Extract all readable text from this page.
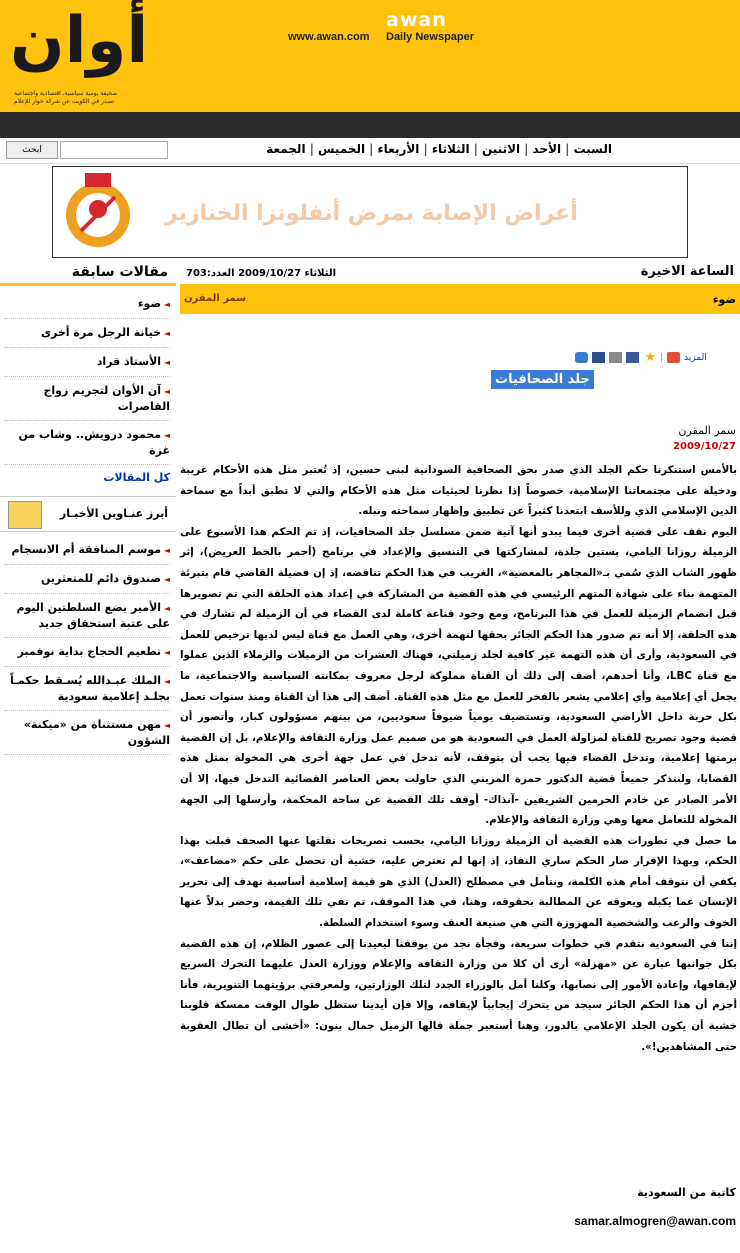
أوان
صحيفة يومية سياسية، اقتصادية واجتماعية
تصدر في الكويت عن شركة حوار للإعلام
awan
Daily Newspaper
www.awan.com
ابحث	السبت
|
الأحد
|
الاثنين
|
الثلاثاء
|
الأربعاء
|
الخميس
|
الجمعة
أعراض الإصابة بمرض أنفلونزا الخنازير
مقالات سابقة
◄ ضوء
◄ خيانة الرجل مرة أخرى
◄ الأستاذ قراد
◄ آن الأوان لتجريم زواج القاصرات
◄ محمود درويش.. وشاب من غزة
كل المقالات
أبرز عنـاوين الأخبـار
◄ موسم المنافقة أم الانسجام
◄ صندوق دائم للمتعثرين
◄ الأمير يضع السلطتين اليوم على عتبة استحقاق جديد
◄ تطعيم الحجاج بداية نوفمبر
◄ الملك عبـدالله يُسـقط حكمـاً بجلـد إعلامية سعودية
◄ مهن مستثناة من «ميكنة» الشؤون
الساعة الاخيرة
الثلاثاء 2009/10/27 العدد:703
ضوء
سمر المقرن
المزيد
|
★
جلد الصحافيات
سمر المقرن
2009/10/27

بالأمس استنكرنا حكم الجلد الذي صدر بحق الصحافية السودانية لبنى حسين، إذ تُعتبر مثل هذه الأحكام غريبة ودخيلة على مجتمعاتنا الإسلامية، خصوصاً إذا نظرنا لحيثيات مثل هذه الأحكام والتي لا تطبق أبداً مع سماحة الدين الإسلامي الذي وللأسف ابتعدنا كثيراً عن تطبيق وإظهار سماحته ونبله.

اليوم نقف على قضية أخرى فيما يبدو أنها آتية ضمن مسلسل جلد الصحافيات، إذ تم الحكم هذا الأسبوع على الزميلة روزانا اليامي، بستين جلدة، لمشاركتها في التنسيق والإعداد في برنامج (أحمر بالخط العريض)، إثر ظهور الشاب الذي سُمي بـ«المجاهر بالمعصية»، الغريب في هذا الحكم تناقضه، إذ إن فضيلة القاضي قام بتبرئة المتهمة بناء على شهادة المتهم الرئيسي في هذه القضية من المشاركة في إعداد هذه الحلقة التي تم تصويرها قبل انضمام الزميلة للعمل في هذا البرنامج، ومع وجود قناعة كاملة لدى القضاء في أن الزميلة لم تشارك في هذه الحلقة، إلا أنه تم صدور هذا الحكم الجائر بحقها لتهمة أخرى، وهي العمل مع قناة ليس لديها ترخيص للعمل في السعودية، وأرى أن هذه التهمة غير كافية لجلد زميلتي، فهناك العشرات من الزميلات والزملاء الذين عملوا مع قناة LBC، وأنا أحدهم، أضف إلى ذلك أن القناة مملوكة لرجل معروف بمكانته السياسية والاجتماعية، ما يجعل أي إعلامية وأي إعلامي يشعر بالفخر للعمل مع مثل هذه القناة. أضف إلى هذا أن القناة ومنذ سنوات تعمل بكل حرية داخل الأراضي السعودية، وتستضيف يومياً ضيوفاً سعوديين، من بينهم مسؤولون كبار، وأتصور أن قضية وجود تصريح للقناة لمزاولة العمل في السعودية هو من صميم عمل وزارة الثقافة والإعلام، بل إن القضية برمتها إعلامية، وتدخل القضاء فيها يجب أن يتوقف، لأنه تدخل في عمل جهة أخرى هي المخولة بمثل هذه القضايا، ولنتذكر جميعاً قضية الدكتور حمزة المزيني الذي حاولت بعض العناصر القضائية التدخل فيها، إلا أن الأمر الصادر عن خادم الحرمين الشريفين -آنذاك- أوقف تلك القضية عن ساحة المحكمة، وأرسلها إلى الجهة المخولة للتعامل معها وهي وزارة الثقافة والإعلام.

ما حصل في تطورات هذه القضية أن الزميلة روزانا اليامي، بحسب تصريحات نقلتها عنها الصحف قبلت بهذا الحكم، وبهذا الإقرار صار الحكم ساري النفاذ، إذ إنها لم تعترض عليه، خشية أن تحصل على حكم «مضاعف»، يكفي أن نتوقف أمام هذه الكلمة، ونتأمل في مصطلح (العدل) الذي هو قيمة إسلامية أساسية تهدف إلى تحرير الإنسان عما يكبله ويعوقه عن المطالبة بحقوقه، وهنا، في هذا الموقف، تم نفي تلك القيمة، وحضر بدلاً عنها الخوف والرعب والشخصية المهزوزة التي هي صنيعة العنف وسوء استخدام السلطة.

إننا في السعودية نتقدم في خطوات سريعة، وفجأة نجد من يوقفنا ليعيدنا إلى عصور الظلام، إن هذه القضية بكل جوانبها عبارة عن «مهزلة» أرى أن كلا من وزارة الثقافة والإعلام ووزارة العدل عليهما التحرك السريع لإيقافها، وإعادة الأمور إلى نصابها، وكلنا أمل بالوزراء الجدد لتلك الوزارتين، ولمعرفتي برؤيتهما التنويرية، فأنا أجزم أن هذا الحكم الجائر سيجد من يتحرك إيجابياً لإيقافه، وإلا فإن أيدينا ستظل طوال الوقت ممسكة قلوبنا خشية أن يكون الجلد الإعلامي بالدور، وهنا أستعير جملة قالها الزميل جمال بنون: «أخشى أن تطال العقوبة حتى المشاهدين!».

كاتبة من السعودية
samar.almogren@awan.com
